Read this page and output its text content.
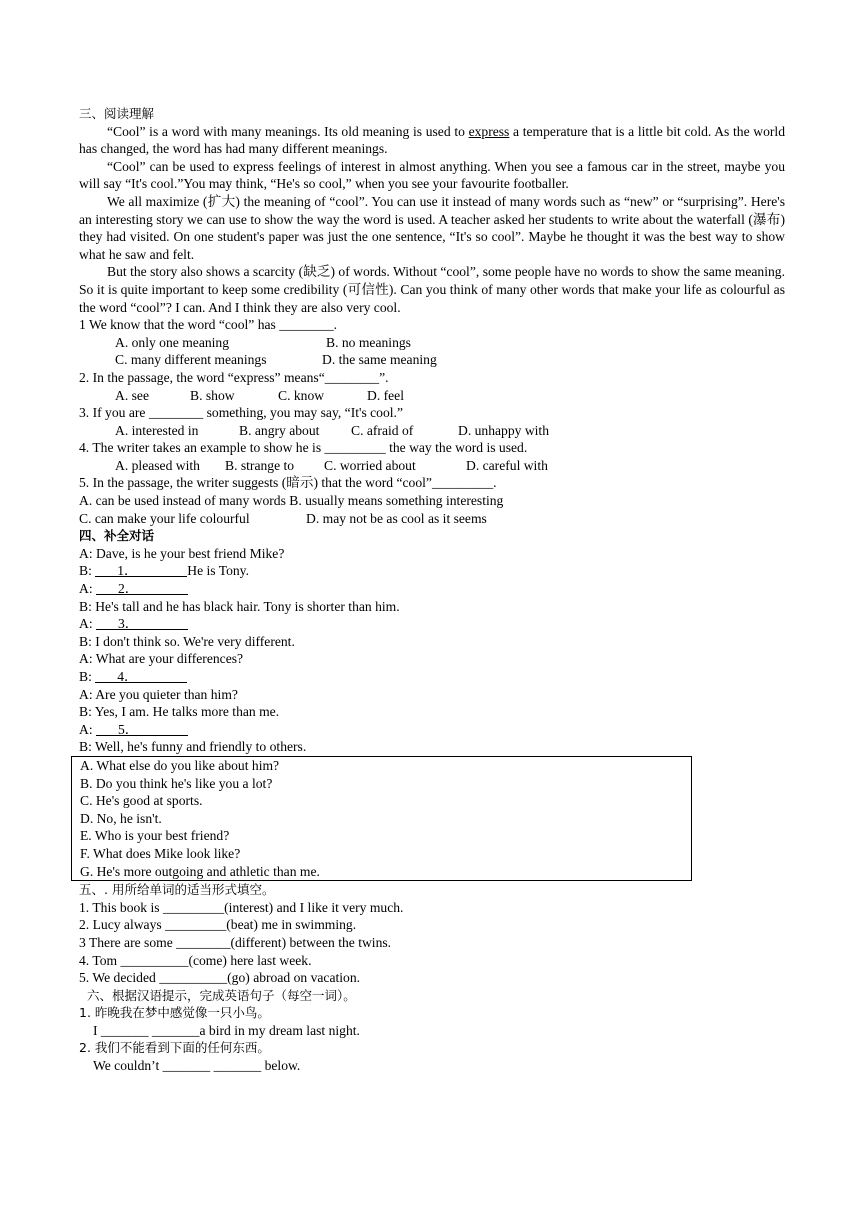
三、阅读理解
“Cool” is a word with many meanings. Its old meaning is used to express a temperature that is a little bit cold. As the world has changed, the word has had many different meanings.
“Cool” can be used to express feelings of interest in almost anything. When you see a famous car in the street, maybe you will say “It's cool.”You may think, “He's so cool,” when you see your favourite footballer.
We all maximize (扩大) the meaning of “cool”. You can use it instead of many words such as “new” or “surprising”. Here's an interesting story we can use to show the way the word is used. A teacher asked her students to write about the waterfall (瀑布) they had visited. On one student's paper was just the one sentence, “It's so cool”. Maybe he thought it was the best way to show what he saw and felt.
But the story also shows a scarcity (缺乏) of words. Without “cool”, some people have no words to show the same meaning. So it is quite important to keep some credibility (可信性). Can you think of many other words that make your life as colourful as the word “cool”? I can. And I think they are also very cool.
1 We know that the word “cool” has ________.
A. only one meaning	B. no meanings
C. many different meanings	D. the same meaning
2. In the passage, the word “express” means“________”.
A. see	B. show	C. know	D. feel
3. If you are ________ something, you may say, “It's cool.”
A. interested in	B. angry about C. afraid of	D. unhappy with
4. The writer takes an example to show he is _________ the way the word is used.
A. pleased with B. strange to C. worried about	D. careful with
5. In the passage, the writer suggests (暗示) that the word “cool”_________.
A. can be used instead of many words B. usually means something interesting
C. can make your life colourful	D. may not be as cool as it seems
四、补全对话
A: Dave, is he your best friend Mike?
B: 1．	He is Tony.
A: 2．
B: He's tall and he has black hair. Tony is shorter than him.
A: 3．
B: I don't think so. We're very different.
A: What are your differences?
B: 4．
A: Are you quieter than him?
B: Yes, I am. He talks more than me.
A: 5．
B: Well, he's funny and friendly to others.
A. What else do you like about him?
B. Do you think he's like you a lot?
C. He's good at sports.
D. No, he isn't.
E. Who is your best friend?
F. What does Mike look like?
G. He's more outgoing and athletic than me.
五、. 用所给单词的适当形式填空。
1. This book is _________(interest) and I like it very much.
2. Lucy always _________(beat) me in swimming.
3 There are some ________(different) between the twins.
4. Tom __________(come) here last week.
5. We decided __________(go) abroad on vacation.
六、根据汉语提示，完成英语句子（每空一词）。
1. 昨晚我在梦中感觉像一只小鸟。
I _______ _______a bird in my dream last night.
2. 我们不能看到下面的任何东西。
We couldn’t _______ _______ below.
